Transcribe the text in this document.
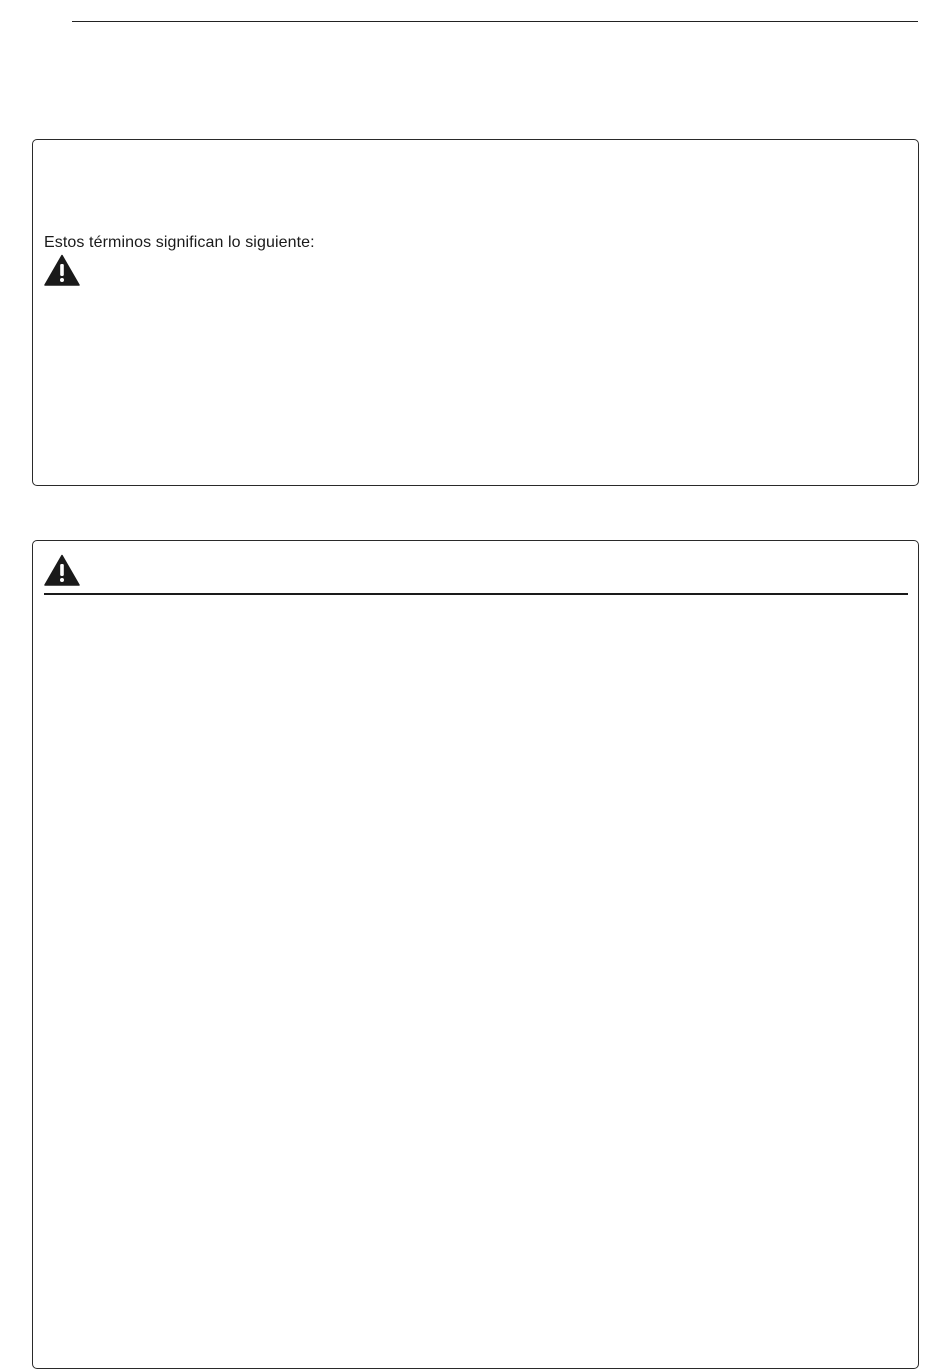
Estos términos significan lo siguiente:
